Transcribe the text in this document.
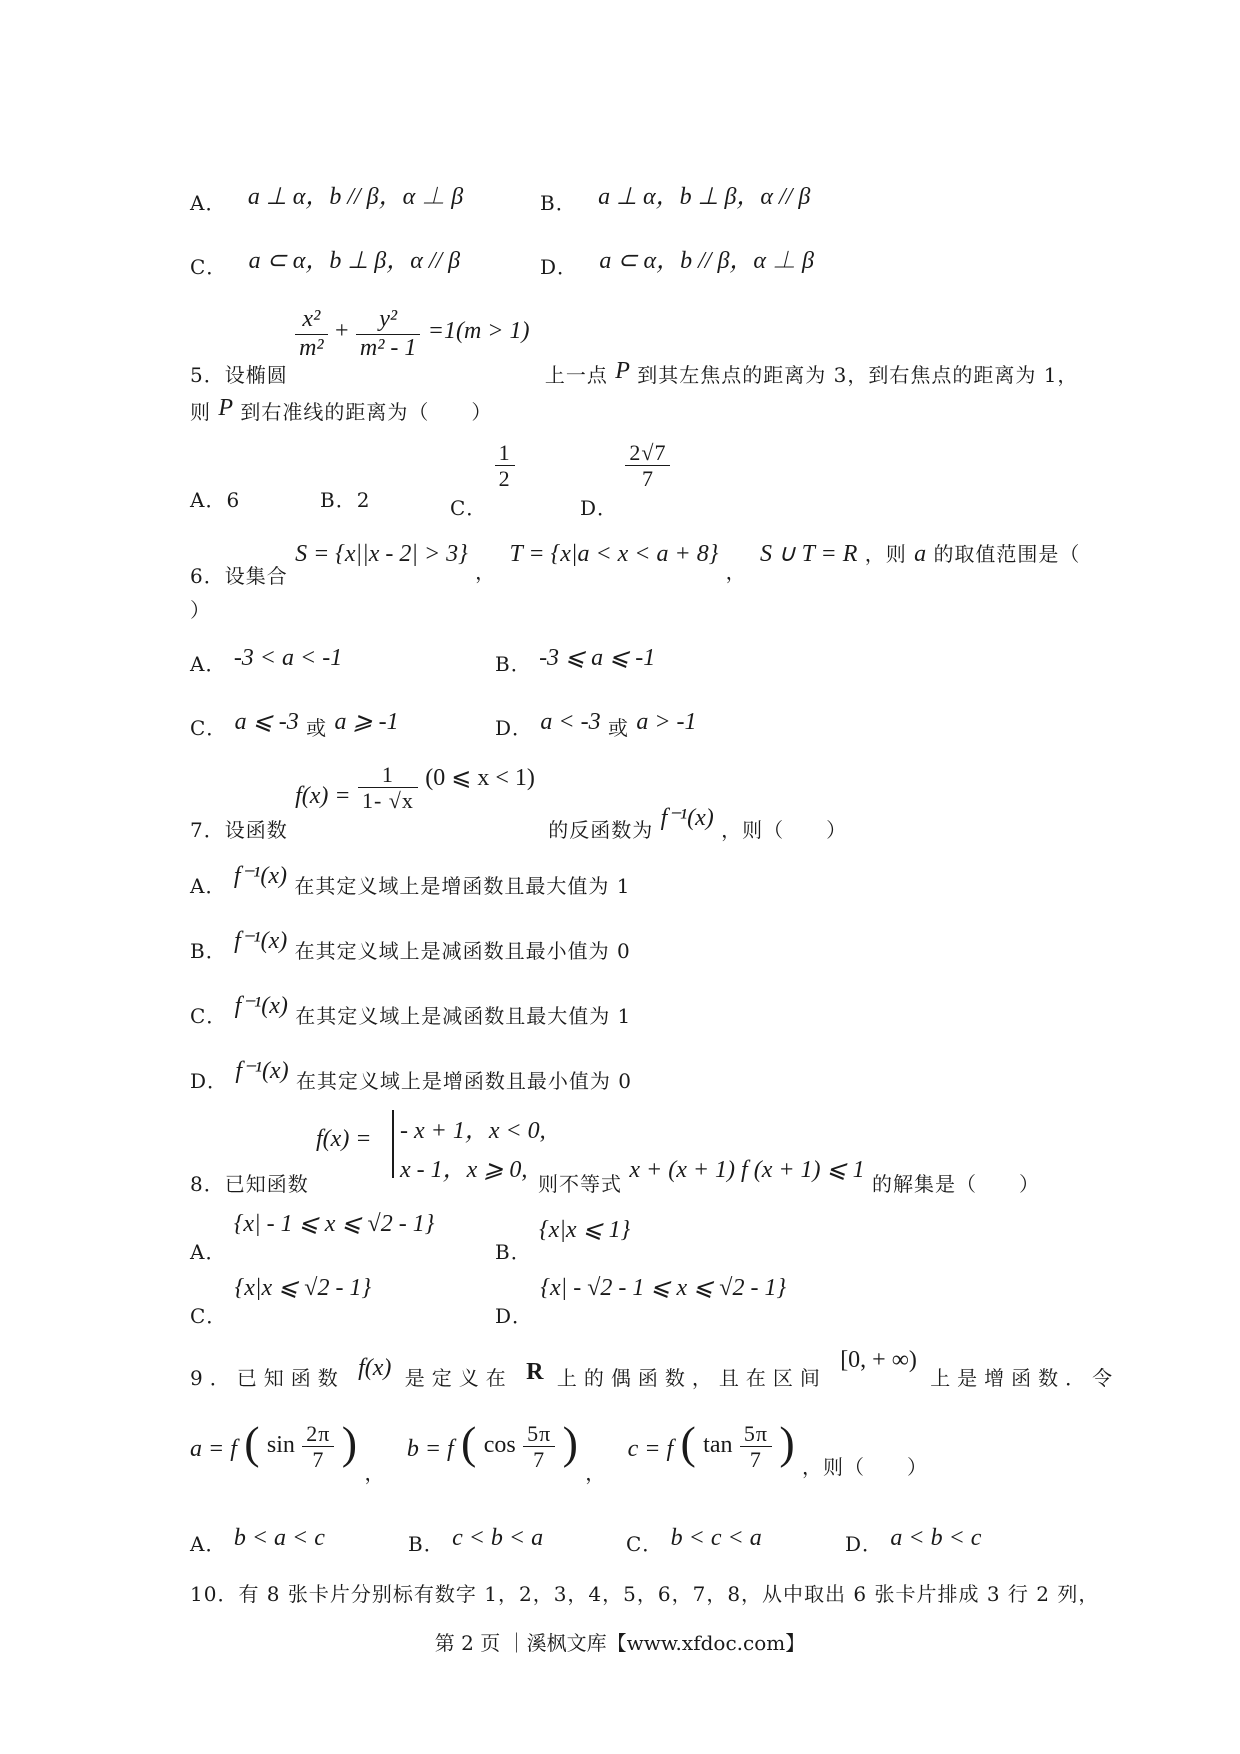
A． a ⊥ α，b // β，α ⊥ β	B． a ⊥ α，b ⊥ β，α // β
C． a ⊂ α，b ⊥ β，α // β	D． a ⊂ α，b // β，α ⊥ β
5．设椭圆
$\frac{\text{x²}}{\text{m²}} + \frac{\text{y²}}{\text{m² - 1}} =1(m > 1)$ 上一点 P 到其左焦点的距离为 3，到右焦点的距离为 1，
则 P 到右准线的距离为（　　）
A．6	B．2	C．
$\frac{1}{2}$
D．
$\frac{2√7}{7}$
6．设集合 S = {x||x - 2| > 3} ， T = {x|a < x < a + 8} ， S ∪ T = R ，则 a 的取值范围是（
）
A． -3 < a < -1	B． -3 ⩽ a ⩽ -1
C． a ⩽ -3 或 a ⩾ -1	D． a < -3 或 a > -1
7．设函数 $f(x) = \frac{1}{1- √x} (0$ ⩽ x < 1) 的反函数为 f⁻¹(x) ，则（　　）
A． f⁻¹(x) 在其定义域上是增函数且最大值为 1
B． f⁻¹(x) 在其定义域上是减函数且最小值为 0
C． f⁻¹(x) 在其定义域上是减函数且最大值为 1
D． f⁻¹(x) 在其定义域上是增函数且最小值为 0
8．已知函数
f(x) = - x + 1，x < 0,
x - 1，x ⩾ 0,
则不等式 x + (x + 1) f (x + 1) ⩽ 1 的解集是（　　）
A． {x| - 1 ⩽ x ⩽ √2 - 1}
B． {x|x ⩽ 1}
C． {x|x ⩽ √2 - 1}
D． {x| - √2 - 1 ⩽ x ⩽ √2 - 1}
9．已知函数 f(x) 是定义在 R 上的偶函数，且在区间 [0, + ∞) 上是增函数．令
a = f ( $\sin \frac{2\pi}{7}$ ) ， b = f ( $\cos \frac{5\pi}{7}$ ) ， c = f ( $\tan \frac{5\pi}{7}$ ) ，则（　　）
A． b < a < c	B． c < b < a	C． b < c < a	D． a < b < c
10．有 8 张卡片分别标有数字 1，2，3，4，5，6，7，8，从中取出 6 张卡片排成 3 行 2 列，
第 2 页 ｜溪枫文库【www.xfdoc.com】
